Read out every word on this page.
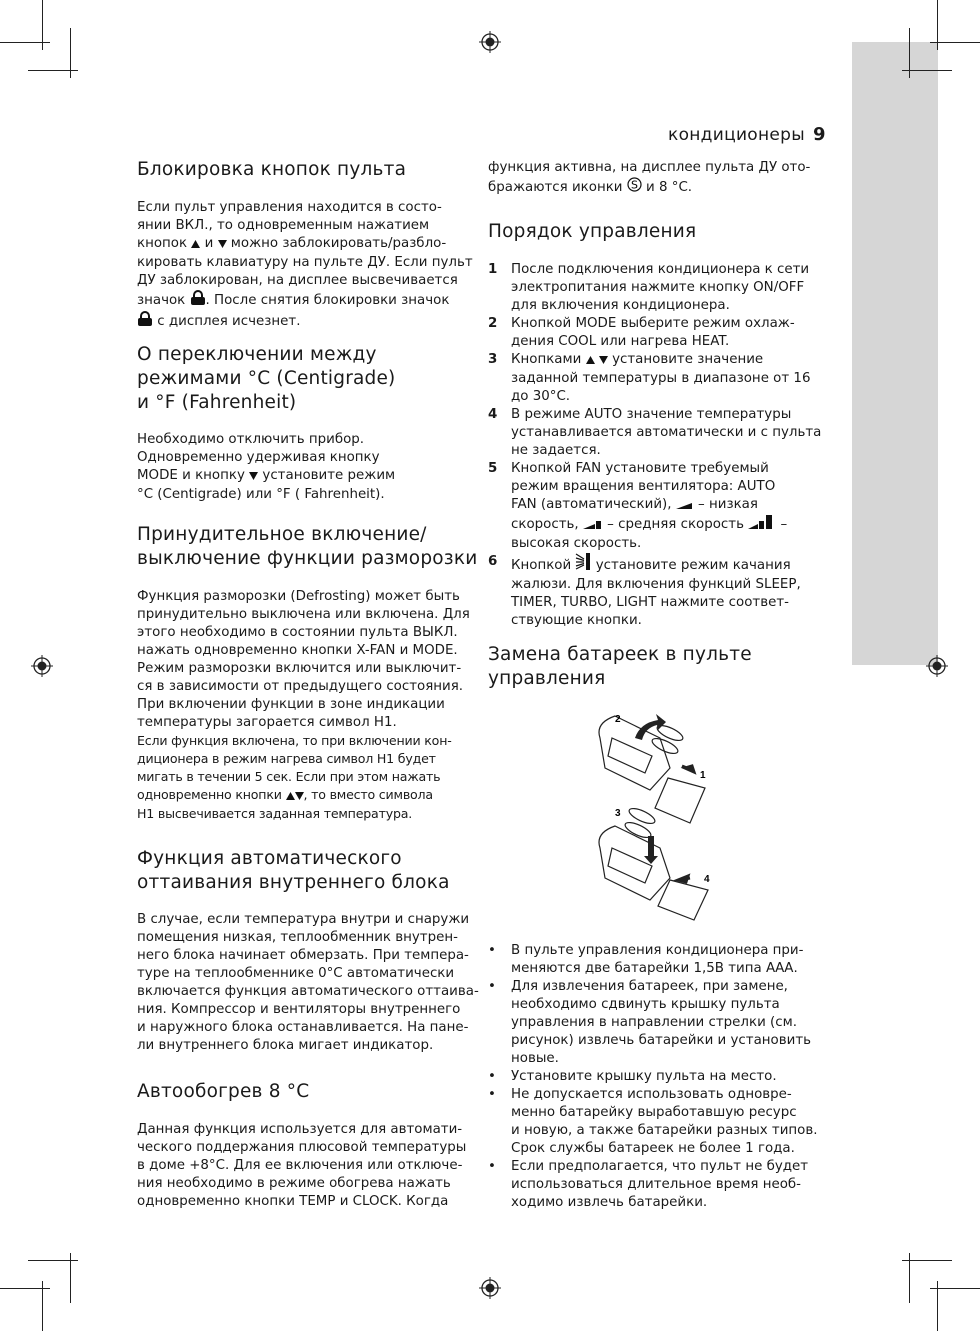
кондиционеры 9
Блокировка кнопок пульта
Если пульт управления находится в состо-
янии ВКЛ., то одновременным нажатием
кнопок  и  можно заблокировать/разбло-
кировать клавиатуру на пульте ДУ. Если пульт
ДУ заблокирован, на дисплее высвечивается
значок . После снятия блокировки значок
с дисплея исчезнет.
О переключении между
режимами °С (Centigrade)
и °F (Fahrenheit)
Необходимо отключить прибор.
Одновременно удерживая кнопку
MODE и кнопку  установите режим
°C (Centigrade) или °F ( Fahrenheit).
Принудительное включение/
выключение функции разморозки
Функция разморозки (Defrosting) может быть
принудительно выключена или включена. Для
этого необходимо в состоянии пульта ВЫКЛ.
нажать одновременно кнопки X-FAN и MODE.
Режим разморозки включится или выключит-
ся в зависимости от предыдущего состояния.
При включении функции в зоне индикации
температуры загорается символ H1.
Если функция включена, то при включении кон-
диционера в режим нагрева символ H1 будет
мигать в течении 5 сек. Если при этом нажать
одновременно кнопки , то вместо символа
H1 высвечивается заданная температура.
Функция автоматического
оттаивания внутреннего блока
В случае, если температура внутри и снаружи
помещения низкая, теплообменник внутрен-
него блока начинает обмерзать. При темпера-
туре на теплообменнике 0°С автоматически
включается функция автоматического оттаива-
ния. Компрессор и вентиляторы внутреннего
и наружного блока останавливается. На пане-
ли внутреннего блока мигает индикатор.
Автообогрев 8 °С
Данная функция используется для автомати-
ческого поддержания плюсовой температуры
в доме +8°С. Для ее включения или отключе-
ния необходимо в режиме обогрева нажать
одновременно кнопки TEMP и CLOCK. Когда
функция активна, на дисплее пульта ДУ ото-
бражаются иконки S и 8 °С.
Порядок управления
1 После подключения кондиционера к сети
электропитания нажмите кнопку ON/OFF
для включения кондиционера.
2 Кнопкой MODE выберите режим охлаж-
дения COOL или нагрева HEAT.
3 Кнопками   установите значение
заданной температуры в диапазоне от 16
до 30°С.
4 В режиме AUTO значение температуры
устанавливается автоматически и с пульта
не задается.
5 Кнопкой FAN установите требуемый
режим вращения вентилятора: AUTO
FAN (автоматический),  – низкая
скорость,  – средняя скорость  –
высокая скорость.
6 Кнопкой  установите режим качания
жалюзи. Для включения функций SLEEP,
TIMER, TURBO, LIGHT нажмите соответ-
ствующие кнопки.
Замена батареек в пульте
управления
1
2
3
4
• В пульте управления кондиционера при-
меняются две батарейки 1,5В типа ААА.
• Для извлечения батареек, при замене,
необходимо сдвинуть крышку пульта
управления в направлении стрелки (см.
рисунок) извлечь батарейки и установить
новые.
• Установите крышку пульта на место.
• Не допускается использовать одновре-
менно батарейку выработавшую ресурс
и новую, а также батарейки разных типов.
Срок службы батареек не более 1 года.
• Если предполагается, что пульт не будет
использоваться длительное время необ-
ходимо извлечь батарейки.
